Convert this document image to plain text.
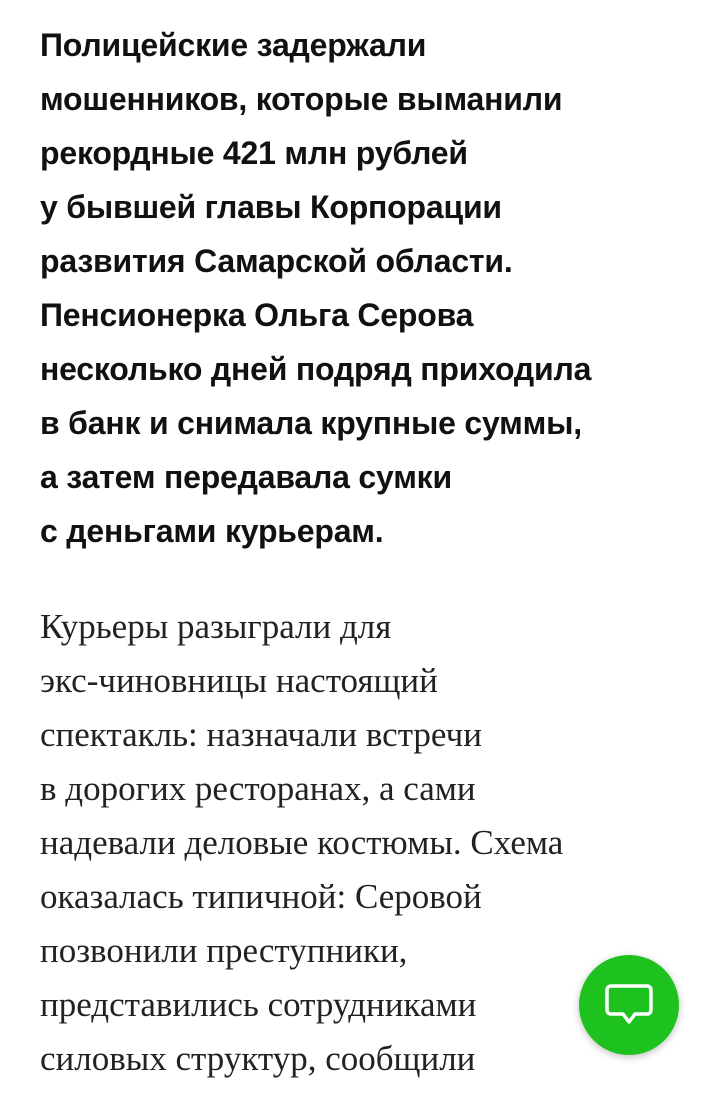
Полицейские задержали
мошенников, которые выманили
рекордные 421 млн рублей
у бывшей главы Корпорации
развития Самарской области.
Пенсионерка Ольга Серова
несколько дней подряд приходила
в банк и снимала крупные суммы,
а затем передавала сумки
с деньгами курьерам.

Курьеры разыграли для
экс-чиновницы настоящий
спектакль: назначали встречи
в дорогих ресторанах, а сами
надевали деловые костюмы. Схема
оказалась типичной: Серовой
позвонили преступники,
представились сотрудниками
силовых структур, сообщили
